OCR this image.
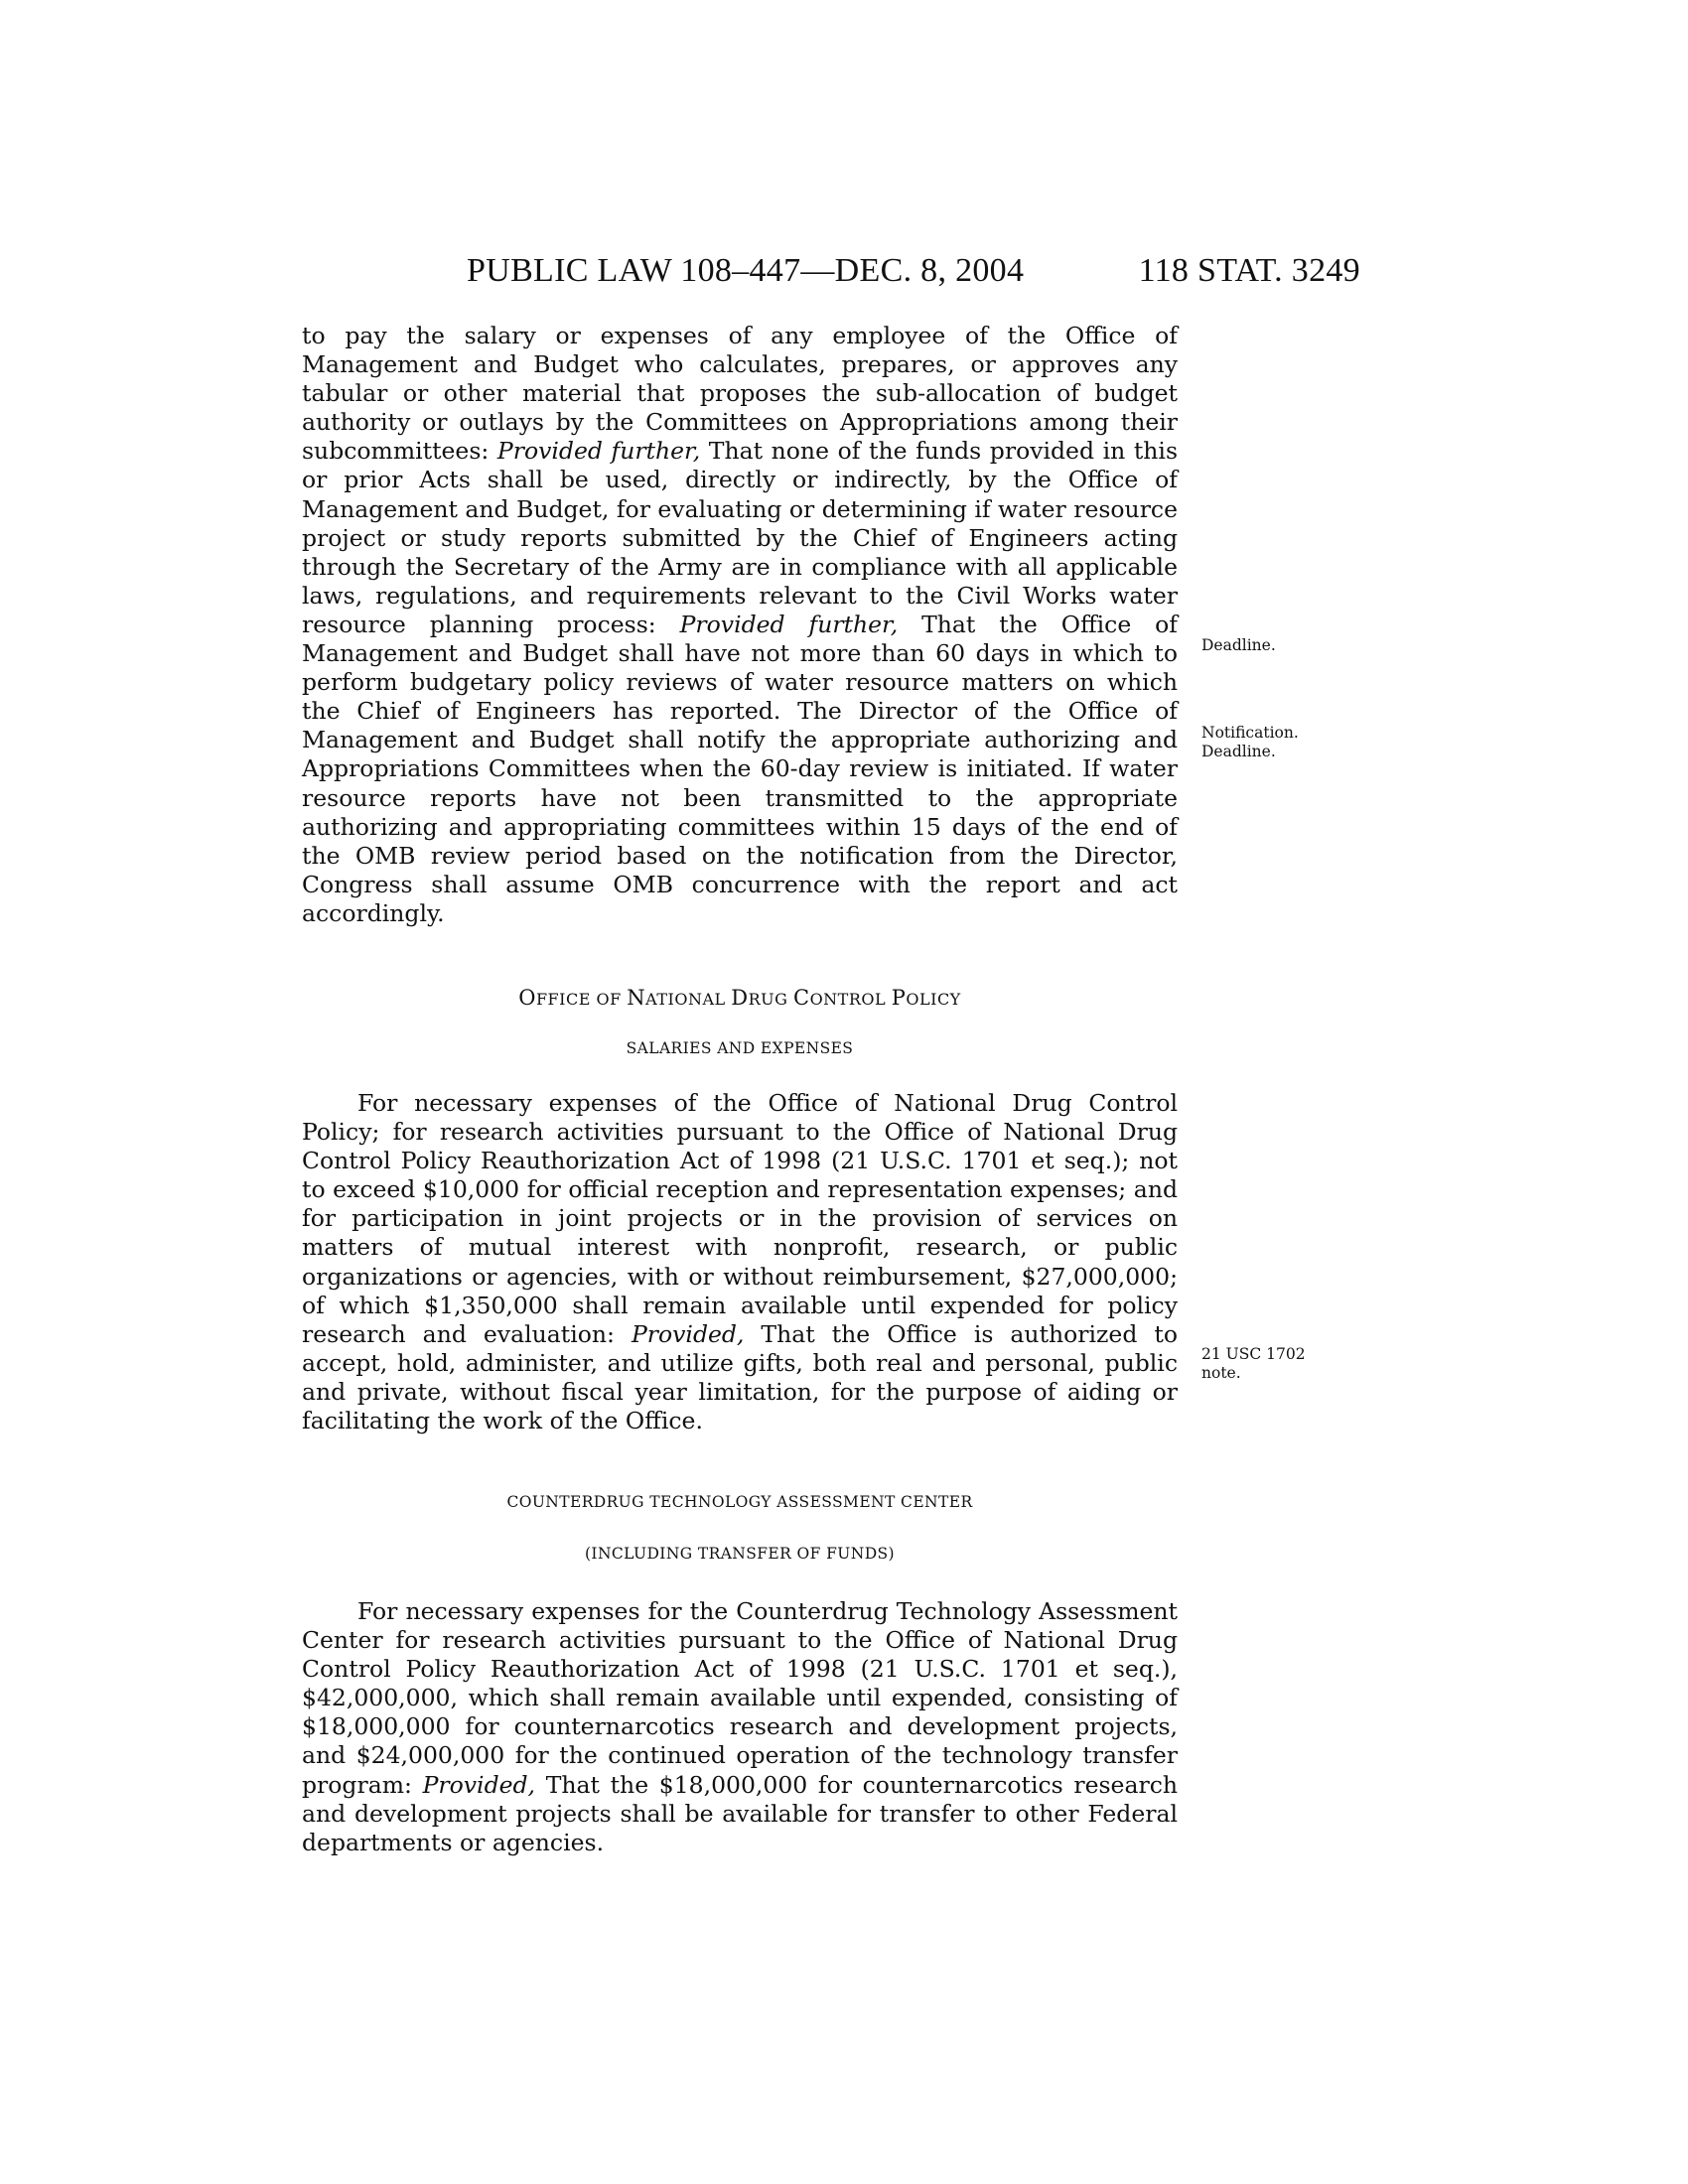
PUBLIC LAW 108–447—DEC. 8, 2004	118 STAT. 3249

to pay the salary or expenses of any employee of the Office of Management and Budget who calculates, prepares, or approves any tabular or other material that proposes the sub-allocation of budget authority or outlays by the Committees on Appropriations among their subcommittees: Provided further, That none of the funds provided in this or prior Acts shall be used, directly or indirectly, by the Office of Management and Budget, for evaluating or determining if water resource project or study reports submitted by the Chief of Engineers acting through the Secretary of the Army are in compliance with all applicable laws, regulations, and requirements relevant to the Civil Works water resource planning process: Provided further, That the Office of Management and Budget shall have not more than 60 days in which to perform budgetary policy reviews of water resource matters on which the Chief of Engineers has reported. The Director of the Office of Management and Budget shall notify the appropriate authorizing and Appropriations Committees when the 60-day review is initiated. If water resource reports have not been transmitted to the appropriate authorizing and appropriating committees within 15 days of the end of the OMB review period based on the notification from the Director, Congress shall assume OMB concurrence with the report and act accordingly.

Deadline.
Notification.
Deadline.
OFFICE OF NATIONAL DRUG CONTROL POLICY
SALARIES AND EXPENSES

For necessary expenses of the Office of National Drug Control Policy; for research activities pursuant to the Office of National Drug Control Policy Reauthorization Act of 1998 (21 U.S.C. 1701 et seq.); not to exceed $10,000 for official reception and representation expenses; and for participation in joint projects or in the provision of services on matters of mutual interest with nonprofit, research, or public organizations or agencies, with or without reimbursement, $27,000,000; of which $1,350,000 shall remain available until expended for policy research and evaluation: Provided, That the Office is authorized to accept, hold, administer, and utilize gifts, both real and personal, public and private, without fiscal year limitation, for the purpose of aiding or facilitating the work of the Office.

21 USC 1702
note.
COUNTERDRUG TECHNOLOGY ASSESSMENT CENTER
(INCLUDING TRANSFER OF FUNDS)

For necessary expenses for the Counterdrug Technology Assessment Center for research activities pursuant to the Office of National Drug Control Policy Reauthorization Act of 1998 (21 U.S.C. 1701 et seq.), $42,000,000, which shall remain available until expended, consisting of $18,000,000 for counternarcotics research and development projects, and $24,000,000 for the continued operation of the technology transfer program: Provided, That the $18,000,000 for counternarcotics research and development projects shall be available for transfer to other Federal departments or agencies.
